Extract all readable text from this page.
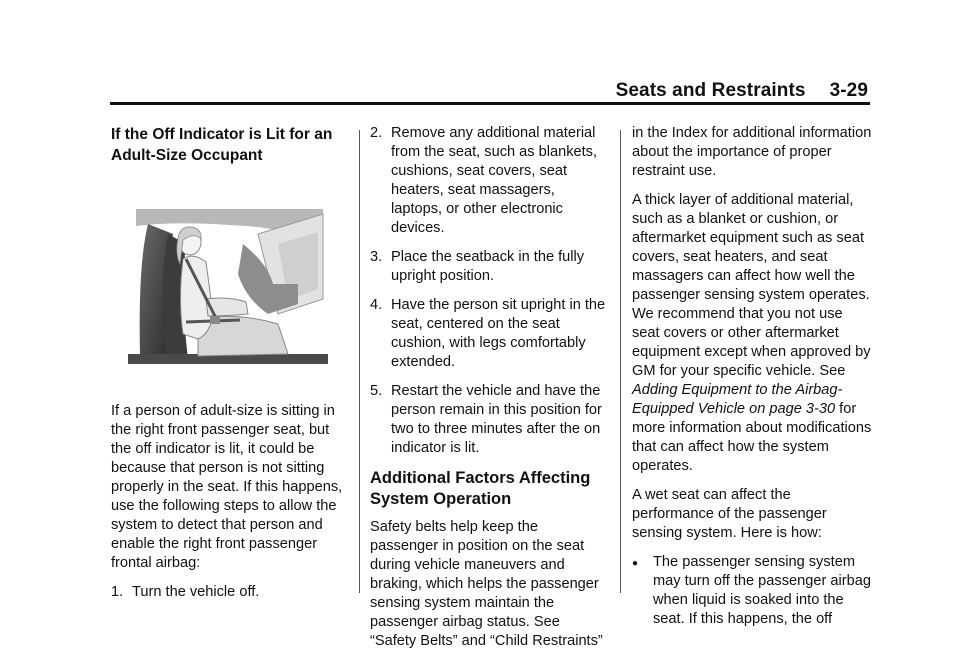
Seats and Restraints 3-29
If the Off Indicator is Lit for an Adult-Size Occupant

If a person of adult-size is sitting in the right front passenger seat, but the off indicator is lit, it could be because that person is not sitting properly in the seat. If this happens, use the following steps to allow the system to detect that person and enable the right front passenger frontal airbag:

1. Turn the vehicle off.
2. Remove any additional material from the seat, such as blankets, cushions, seat covers, seat heaters, seat massagers, laptops, or other electronic devices.
3. Place the seatback in the fully upright position.
4. Have the person sit upright in the seat, centered on the seat cushion, with legs comfortably extended.
5. Restart the vehicle and have the person remain in this position for two to three minutes after the on indicator is lit.
Additional Factors Affecting System Operation

Safety belts help keep the passenger in position on the seat during vehicle maneuvers and braking, which helps the passenger sensing system maintain the passenger airbag status. See “Safety Belts” and “Child Restraints”

in the Index for additional information about the importance of proper restraint use.

A thick layer of additional material, such as a blanket or cushion, or aftermarket equipment such as seat covers, seat heaters, and seat massagers can affect how well the passenger sensing system operates. We recommend that you not use seat covers or other aftermarket equipment except when approved by GM for your specific vehicle. See Adding Equipment to the Airbag-Equipped Vehicle on page 3-30 for more information about modifications that can affect how the system operates.

A wet seat can affect the performance of the passenger sensing system. Here is how:

●	The passenger sensing system may turn off the passenger airbag when liquid is soaked into the seat. If this happens, the off
